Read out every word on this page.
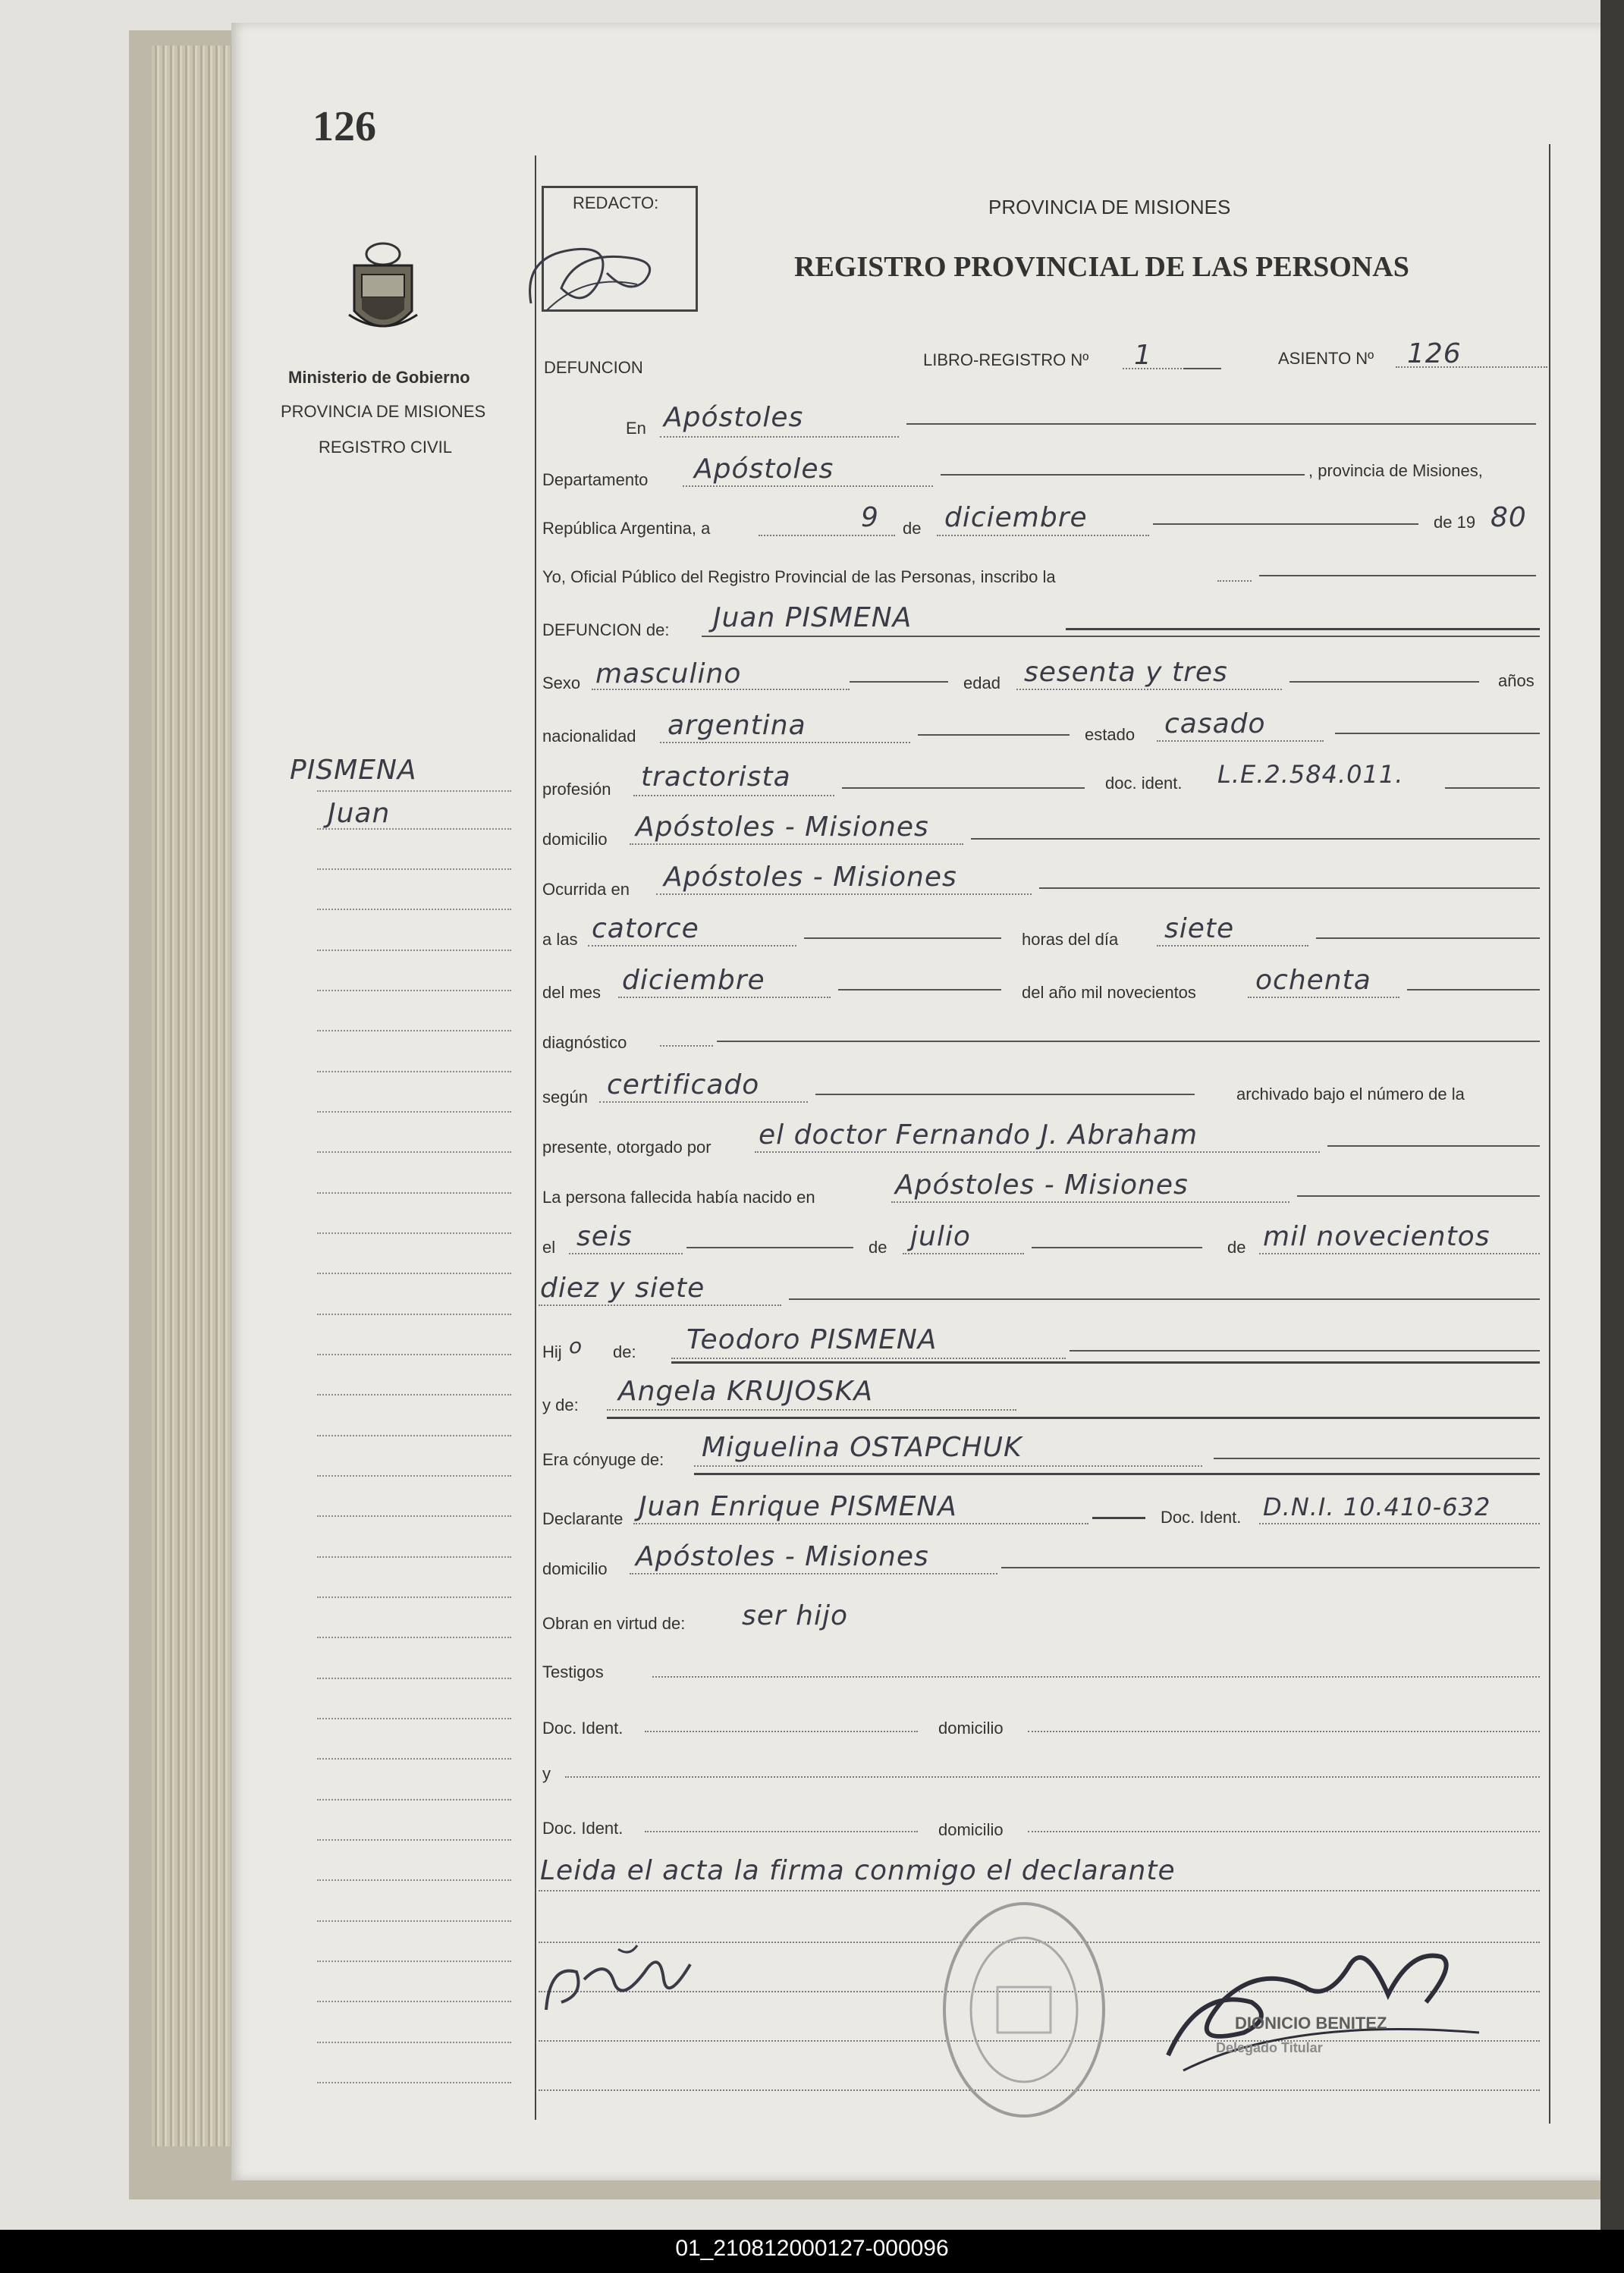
126
Ministerio de Gobierno
PROVINCIA DE MISIONES
REGISTRO CIVIL
REDACTO:	PROVINCIA DE MISIONES
REGISTRO PROVINCIAL DE LAS PERSONAS
DEFUNCION	LIBRO-REGISTRO Nº 1	ASIENTO Nº 126
En Apóstoles
Departamento Apóstoles	, provincia de Misiones,
República Argentina, a	9 de diciembre	de 19 80
Yo, Oficial Público del Registro Provincial de las Personas, inscribo la
DEFUNCION de: Juan PISMENA
Sexo masculino	edad sesenta y tres	años
nacionalidad argentina	estado casado
profesión tractorista	doc. ident. L.E.2.584.011.
domicilio Apóstoles - Misiones
Ocurrida en Apóstoles - Misiones
a las catorce	horas del día siete
del mes diciembre	del año mil novecientos ochenta
diagnóstico
según certificado	archivado bajo el número de la
presente, otorgado por el doctor Fernando J. Abraham
La persona fallecida había nacido en	Apóstoles - Misiones
el seis	de julio	de mil novecientos
diez y siete
Hij o de: Teodoro PISMENA
y de: Angela KRUJOSKA
Era cónyuge de: Miguelina OSTAPCHUK
Declarante Juan Enrique PISMENA	Doc. Ident. D.N.I. 10.410-632
domicilio Apóstoles - Misiones
Obran en virtud de: ser hijo
Testigos
Doc. Ident.	domicilio
y
Doc. Ident.	domicilio
Leida el acta la firma conmigo el declarante
PISMENA
Juan
DIONICIO BENITEZ
Delegado Titular
01_210812000127-000096
